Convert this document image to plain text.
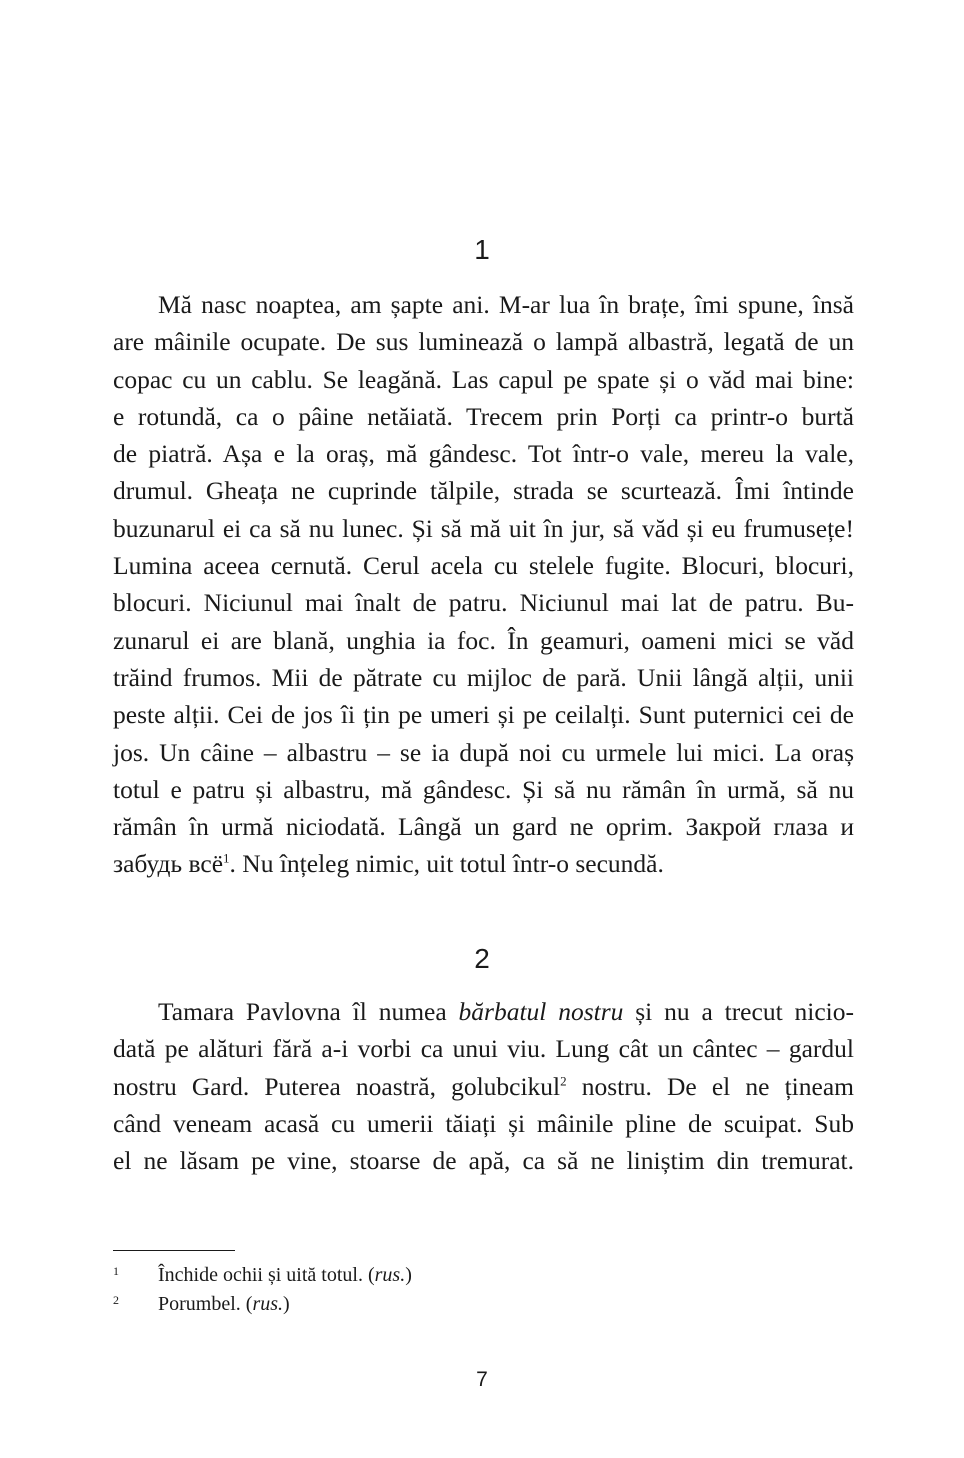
1
Mă nasc noaptea, am șapte ani. M-ar lua în brațe, îmi spune, însă
are mâinile ocupate. De sus luminează o lampă albastră, legată de un
copac cu un cablu. Se leagănă. Las capul pe spate și o văd mai bine:
e rotundă, ca o pâine netăiată. Trecem prin Porți ca printr-o burtă
de piatră. Așa e la oraș, mă gândesc. Tot într-o vale, mereu la vale,
drumul. Gheața ne cuprinde tălpile, strada se scurtează. Îmi întinde
buzunarul ei ca să nu lunec. Și să mă uit în jur, să văd și eu frumusețe!
Lumina aceea cernută. Cerul acela cu stelele fugite. Blocuri, blocuri,
blocuri. Niciunul mai înalt de patru. Niciunul mai lat de patru. Bu-
zunarul ei are blană, unghia ia foc. În geamuri, oameni mici se văd
trăind frumos. Mii de pătrate cu mijloc de pară. Unii lângă alții, unii
peste alții. Cei de jos îi țin pe umeri și pe ceilalți. Sunt puternici cei de
jos. Un câine – albastru – se ia după noi cu urmele lui mici. La oraș
totul e patru și albastru, mă gândesc. Și să nu rămân în urmă, să nu
rămân în urmă niciodată. Lângă un gard ne oprim. Закрой глаза и
забудь всё$^1$. Nu înțeleg nimic, uit totul într-o secundă.
2
Tamara Pavlovna îl numea bărbatul nostru și nu a trecut nicio-
dată pe alături fără a-i vorbi ca unui viu. Lung cât un cântec – gardul
nostru Gard. Puterea noastră, golubcikul$^2$ nostru. De el ne țineam
când veneam acasă cu umerii tăiați și mâinile pline de scuipat. Sub
el ne lăsam pe vine, stoarse de apă, ca să ne liniștim din tremurat.
1	Închide ochii și uită totul. (rus.)
2	Porumbel. (rus.)
7
